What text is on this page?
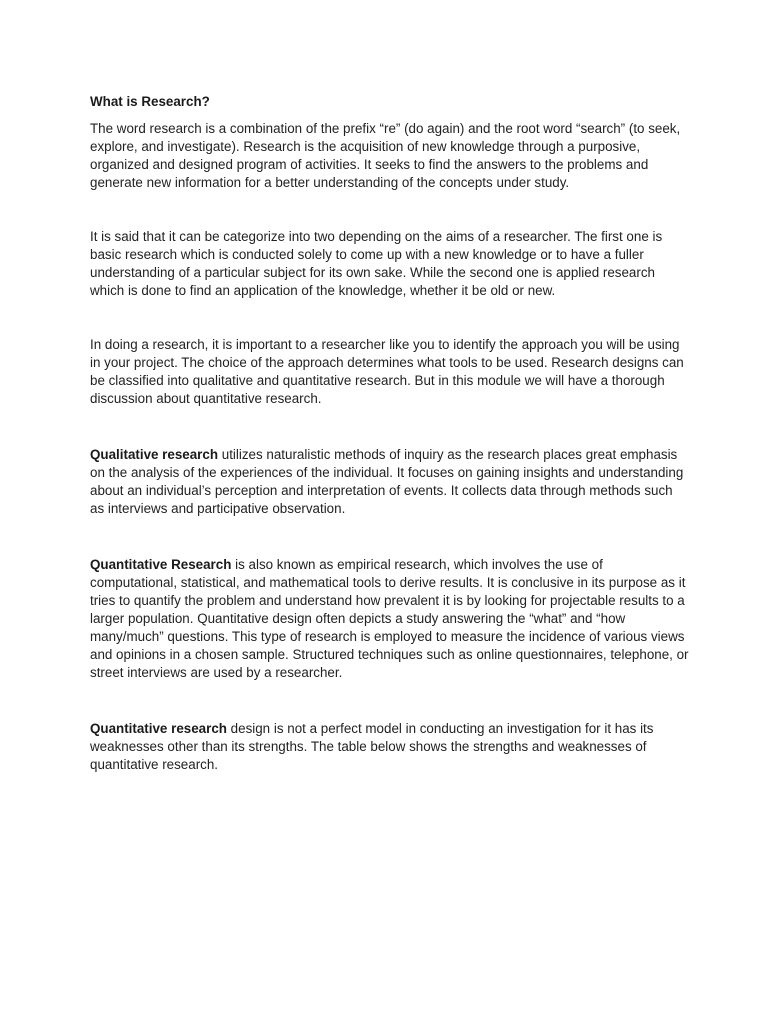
What is Research?

The word research is a combination of the prefix “re” (do again) and the root word “search” (to seek, explore, and investigate). Research is the acquisition of new knowledge through a purposive, organized and designed program of activities. It seeks to find the answers to the problems and generate new information for a better understanding of the concepts under study.

It is said that it can be categorize into two depending on the aims of a researcher. The first one is basic research which is conducted solely to come up with a new knowledge or to have a fuller understanding of a particular subject for its own sake. While the second one is applied research which is done to find an application of the knowledge, whether it be old or new.

In doing a research, it is important to a researcher like you to identify the approach you will be using in your project. The choice of the approach determines what tools to be used. Research designs can be classified into qualitative and quantitative research. But in this module we will have a thorough discussion about quantitative research.

Qualitative research utilizes naturalistic methods of inquiry as the research places great emphasis on the analysis of the experiences of the individual. It focuses on gaining insights and understanding about an individual’s perception and interpretation of events. It collects data through methods such as interviews and participative observation.

Quantitative Research is also known as empirical research, which involves the use of computational, statistical, and mathematical tools to derive results. It is conclusive in its purpose as it tries to quantify the problem and understand how prevalent it is by looking for projectable results to a larger population. Quantitative design often depicts a study answering the “what” and “how many/much” questions. This type of research is employed to measure the incidence of various views and opinions in a chosen sample. Structured techniques such as online questionnaires, telephone, or street interviews are used by a researcher.

Quantitative research design is not a perfect model in conducting an investigation for it has its weaknesses other than its strengths. The table below shows the strengths and weaknesses of quantitative research.
